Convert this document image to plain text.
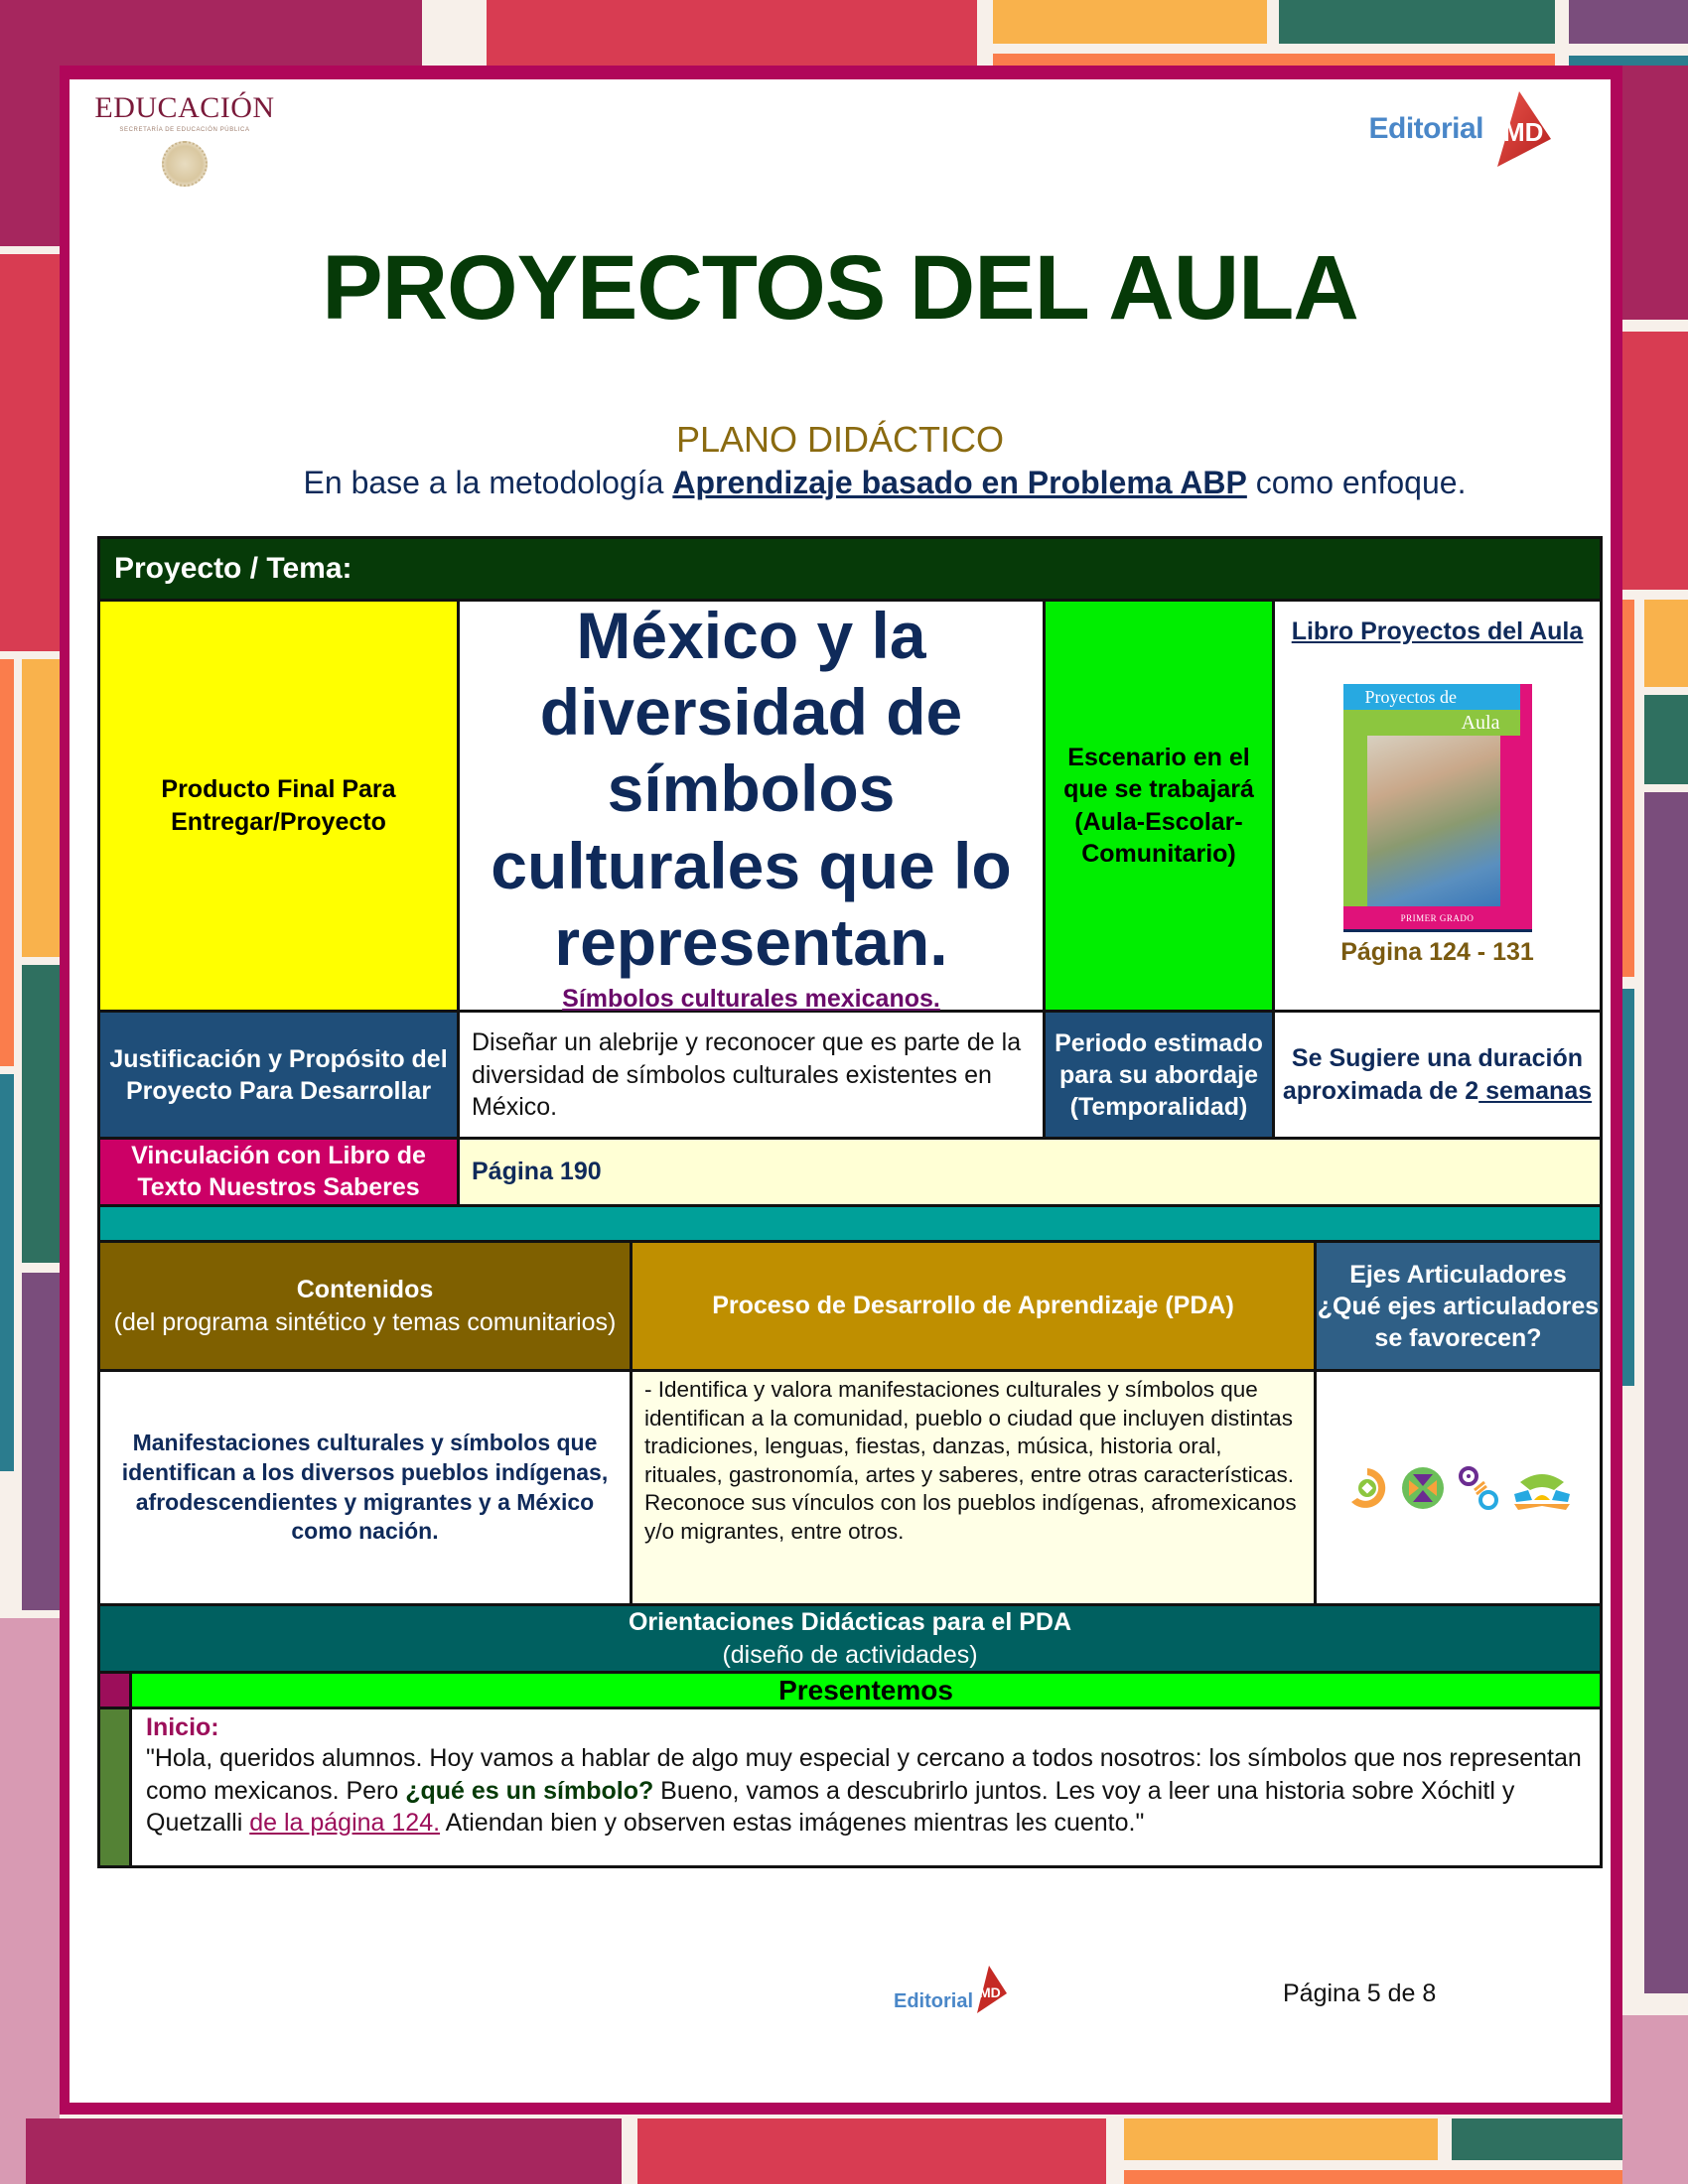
EDUCACIÓN
SECRETARÍA DE EDUCACIÓN PÚBLICA	Editorial MD
PROYECTOS DEL AULA
PLANO DIDÁCTICO
En base a la metodología Aprendizaje basado en Problema ABP como enfoque.
Proyecto / Tema:
Producto Final Para Entregar/Proyecto
México y la diversidad de símbolos culturales que lo representan.
Símbolos culturales mexicanos.
Escenario en el que se trabajará (Aula-Escolar-Comunitario)
Libro Proyectos del Aula
Proyectos de
Aula
PRIMER GRADO
Página 124 - 131
Justificación y Propósito del Proyecto Para Desarrollar
Diseñar un alebrije y reconocer que es parte de la diversidad de símbolos culturales existentes en México.
Periodo estimado para su abordaje (Temporalidad)
Se Sugiere una duración aproximada de 2 semanas
Vinculación con Libro de Texto Nuestros Saberes
Página 190
Contenidos
(del programa sintético y temas comunitarios)
Proceso de Desarrollo de Aprendizaje (PDA)
Ejes Articuladores ¿Qué ejes articuladores se favorecen?
Manifestaciones culturales y símbolos que identifican a los diversos pueblos indígenas, afrodescendientes y migrantes y a México como nación.
- Identifica y valora manifestaciones culturales y símbolos que identifican a la comunidad, pueblo o ciudad que incluyen distintas tradiciones, lenguas, fiestas, danzas, música, historia oral, rituales, gastronomía, artes y saberes, entre otras características. Reconoce sus vínculos con los pueblos indígenas, afromexicanos y/o migrantes, entre otros.
Orientaciones Didácticas para el PDA
(diseño de actividades)
Presentemos
Inicio:
"Hola, queridos alumnos. Hoy vamos a hablar de algo muy especial y cercano a todos nosotros: los símbolos que nos representan como mexicanos. Pero ¿qué es un símbolo? Bueno, vamos a descubrirlo juntos. Les voy a leer una historia sobre Xóchitl y Quetzalli de la página 124. Atiendan bien y observen estas imágenes mientras les cuento."
Editorial MD	Página 5 de 8
